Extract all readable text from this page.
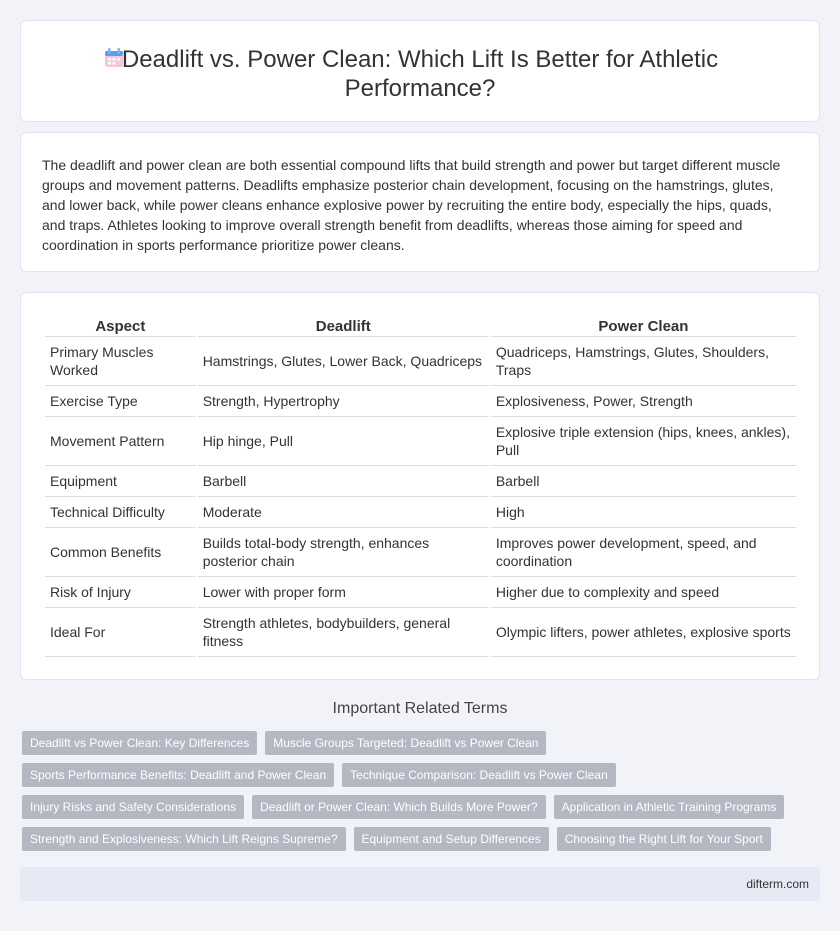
Deadlift vs. Power Clean: Which Lift Is Better for Athletic Performance?

The deadlift and power clean are both essential compound lifts that build strength and power but target different muscle groups and movement patterns. Deadlifts emphasize posterior chain development, focusing on the hamstrings, glutes, and lower back, while power cleans enhance explosive power by recruiting the entire body, especially the hips, quads, and traps. Athletes looking to improve overall strength benefit from deadlifts, whereas those aiming for speed and coordination in sports performance prioritize power cleans.

Aspect	Deadlift	Power Clean
Primary Muscles Worked	Hamstrings, Glutes, Lower Back, Quadriceps	Quadriceps, Hamstrings, Glutes, Shoulders, Traps
Exercise Type	Strength, Hypertrophy	Explosiveness, Power, Strength
Movement Pattern	Hip hinge, Pull	Explosive triple extension (hips, knees, ankles), Pull
Equipment	Barbell	Barbell
Technical Difficulty	Moderate	High
Common Benefits	Builds total-body strength, enhances posterior chain	Improves power development, speed, and coordination
Risk of Injury	Lower with proper form	Higher due to complexity and speed
Ideal For	Strength athletes, bodybuilders, general fitness	Olympic lifters, power athletes, explosive sports
Important Related Terms
Deadlift vs Power Clean: Key Differences	Muscle Groups Targeted: Deadlift vs Power Clean
Sports Performance Benefits: Deadlift and Power Clean	Technique Comparison: Deadlift vs Power Clean
Injury Risks and Safety Considerations	Deadlift or Power Clean: Which Builds More Power?	Application in Athletic Training Programs
Strength and Explosiveness: Which Lift Reigns Supreme?	Equipment and Setup Differences	Choosing the Right Lift for Your Sport
difterm.com
